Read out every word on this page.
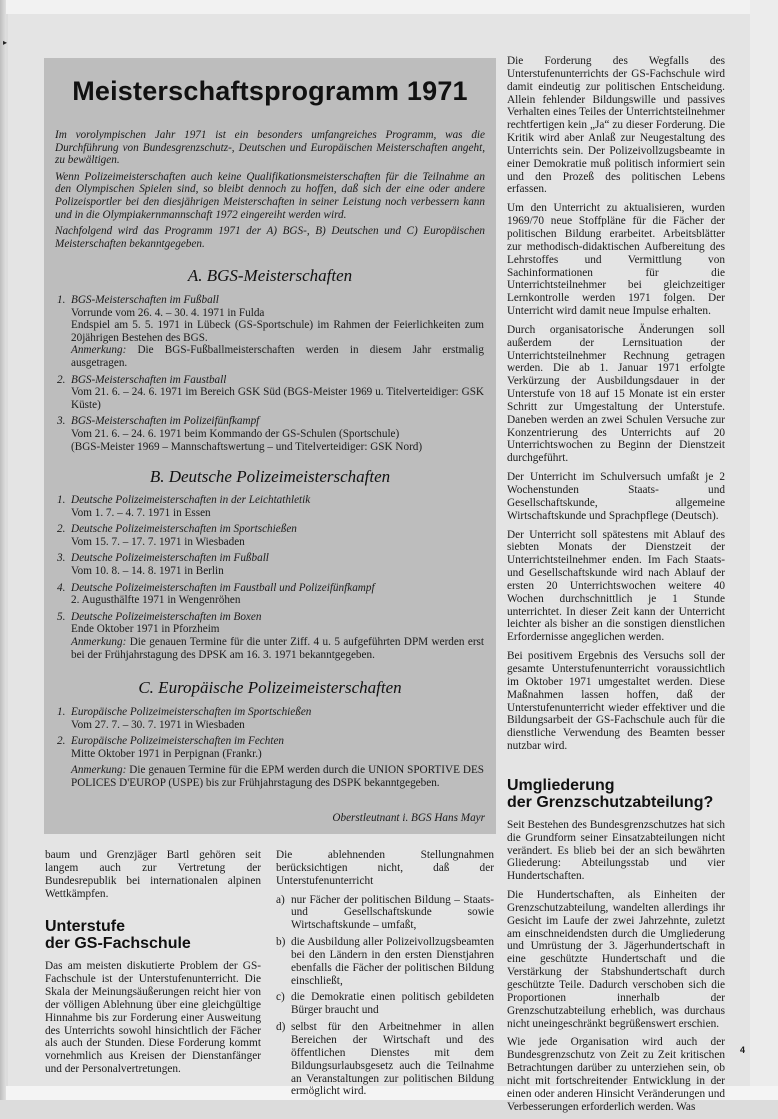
▸
Meisterschaftsprogramm 1971

Im vorolympischen Jahr 1971 ist ein besonders umfangreiches Programm, was die Durchführung von Bundesgrenzschutz-, Deutschen und Europäischen Meisterschaften angeht, zu bewältigen.

Wenn Polizeimeisterschaften auch keine Qualifikationsmeisterschaften für die Teilnahme an den Olympischen Spielen sind, so bleibt dennoch zu hoffen, daß sich der eine oder andere Polizeisportler bei den diesjährigen Meisterschaften in seiner Leistung noch verbessern kann und in die Olympiakernmannschaft 1972 eingereiht werden wird.

Nachfolgend wird das Programm 1971 der A) BGS-, B) Deutschen und C) Europäischen Meisterschaften bekanntgegeben.

A. BGS-Meisterschaften
1. BGS-Meisterschaften im Fußball
Vorrunde vom 26. 4. – 30. 4. 1971 in Fulda
Endspiel am 5. 5. 1971 in Lübeck (GS-Sportschule) im Rahmen der Feierlichkeiten zum 20jährigen Bestehen des BGS.
Anmerkung: Die BGS-Fußballmeisterschaften werden in diesem Jahr erstmalig ausgetragen.
2. BGS-Meisterschaften im Faustball
Vom 21. 6. – 24. 6. 1971 im Bereich GSK Süd (BGS-Meister 1969 u. Titelverteidiger: GSK Küste)
3. BGS-Meisterschaften im Polizeifünfkampf
Vom 21. 6. – 24. 6. 1971 beim Kommando der GS-Schulen (Sportschule)
(BGS-Meister 1969 – Mannschaftswertung – und Titelverteidiger: GSK Nord)
B. Deutsche Polizeimeisterschaften
1. Deutsche Polizeimeisterschaften in der Leichtathletik
Vom 1. 7. – 4. 7. 1971 in Essen
2. Deutsche Polizeimeisterschaften im Sportschießen
Vom 15. 7. – 17. 7. 1971 in Wiesbaden
3. Deutsche Polizeimeisterschaften im Fußball
Vom 10. 8. – 14. 8. 1971 in Berlin
4. Deutsche Polizeimeisterschaften im Faustball und Polizeifünfkampf
2. Augusthälfte 1971 in Wengenröhen
5. Deutsche Polizeimeisterschaften im Boxen
Ende Oktober 1971 in Pforzheim
Anmerkung: Die genauen Termine für die unter Ziff. 4 u. 5 aufgeführten DPM werden erst bei der Frühjahrstagung des DPSK am 16. 3. 1971 bekanntgegeben.
C. Europäische Polizeimeisterschaften
1. Europäische Polizeimeisterschaften im Sportschießen
Vom 27. 7. – 30. 7. 1971 in Wiesbaden
2. Europäische Polizeimeisterschaften im Fechten
Mitte Oktober 1971 in Perpignan (Frankr.)
Anmerkung: Die genauen Termine für die EPM werden durch die UNION SPORTIVE DES POLICES D'EUROP (USPE) bis zur Frühjahrstagung des DSPK bekanntgegeben.
Oberstleutnant i. BGS Hans Mayr

Die Forderung des Wegfalls des Unterstufenunterrichts der GS-Fachschule wird damit eindeutig zur politischen Entscheidung. Allein fehlender Bildungswille und passives Verhalten eines Teiles der Unterrichtsteilnehmer rechtfertigen kein „Ja“ zu dieser Forderung. Die Kritik wird aber Anlaß zur Neugestaltung des Unterrichts sein. Der Polizeivollzugsbeamte in einer Demokratie muß politisch informiert sein und den Prozeß des politischen Lebens erfassen.

Um den Unterricht zu aktualisieren, wurden 1969/70 neue Stoffpläne für die Fächer der politischen Bildung erarbeitet. Arbeitsblätter zur methodisch-didaktischen Aufbereitung des Lehrstoffes und Vermittlung von Sachinformationen für die Unterrichtsteilnehmer bei gleichzeitiger Lernkontrolle werden 1971 folgen. Der Unterricht wird damit neue Impulse erhalten.

Durch organisatorische Änderungen soll außerdem der Lernsituation der Unterrichtsteilnehmer Rechnung getragen werden. Die ab 1. Januar 1971 erfolgte Verkürzung der Ausbildungsdauer in der Unterstufe von 18 auf 15 Monate ist ein erster Schritt zur Umgestaltung der Unterstufe. Daneben werden an zwei Schulen Versuche zur Konzentrierung des Unterrichts auf 20 Unterrichtswochen zu Beginn der Dienstzeit durchgeführt.

Der Unterricht im Schulversuch umfaßt je 2 Wochenstunden Staats- und Gesellschaftskunde, allgemeine Wirtschaftskunde und Sprachpflege (Deutsch).

Der Unterricht soll spätestens mit Ablauf des siebten Monats der Dienstzeit der Unterrichtsteilnehmer enden. Im Fach Staats- und Gesellschaftskunde wird nach Ablauf der ersten 20 Unterrichtswochen weitere 40 Wochen durchschnittlich je 1 Stunde unterrichtet. In dieser Zeit kann der Unterricht leichter als bisher an die sonstigen dienstlichen Erfordernisse angeglichen werden.

Bei positivem Ergebnis des Versuchs soll der gesamte Unterstufenunterricht voraussichtlich im Oktober 1971 umgestaltet werden. Diese Maßnahmen lassen hoffen, daß der Unterstufenunterricht wieder effektiver und die Bildungsarbeit der GS-Fachschule auch für die dienstliche Verwendung des Beamten besser nutzbar wird.

Umgliederung
der Grenzschutzabteilung?

Seit Bestehen des Bundesgrenzschutzes hat sich die Grundform seiner Einsatzabteilungen nicht verändert. Es blieb bei der an sich bewährten Gliederung: Abteilungsstab und vier Hundertschaften.

Die Hundertschaften, als Einheiten der Grenzschutzabteilung, wandelten allerdings ihr Gesicht im Laufe der zwei Jahrzehnte, zuletzt am einschneidendsten durch die Umgliederung und Umrüstung der 3. Jägerhundertschaft in eine geschützte Hundertschaft und die Verstärkung der Stabshundertschaft durch geschützte Teile. Dadurch verschoben sich die Proportionen innerhalb der Grenzschutzabteilung erheblich, was durchaus nicht uneingeschränkt begrüßenswert erschien.

Wie jede Organisation wird auch der Bundesgrenzschutz von Zeit zu Zeit kritischen Betrachtungen darüber zu unterziehen sein, ob nicht mit fortschreitender Entwicklung in der einen oder anderen Hinsicht Veränderungen und Verbesserungen erforderlich werden. Was

baum und Grenzjäger Bartl gehören seit langem auch zur Vertretung der Bundesrepublik bei internationalen alpinen Wettkämpfen.

Unterstufe
der GS-Fachschule

Das am meisten diskutierte Problem der GS-Fachschule ist der Unterstufenunterricht. Die Skala der Meinungsäußerungen reicht hier von der völligen Ablehnung über eine gleichgültige Hinnahme bis zur Forderung einer Ausweitung des Unterrichts sowohl hinsichtlich der Fächer als auch der Stunden. Diese Forderung kommt vornehmlich aus Kreisen der Dienstanfänger und der Personalvertretungen.

Die ablehnenden Stellungnahmen berücksichtigen nicht, daß der Unterstufenunterricht

a) nur Fächer der politischen Bildung – Staats- und Gesellschaftskunde sowie Wirtschaftskunde – umfaßt,
b) die Ausbildung aller Polizeivollzugsbeamten bei den Ländern in den ersten Dienstjahren ebenfalls die Fächer der politischen Bildung einschließt,
c) die Demokratie einen politisch gebildeten Bürger braucht und
d) selbst für den Arbeitnehmer in allen Bereichen der Wirtschaft und des öffentlichen Dienstes mit dem Bildungsurlaubsgesetz auch die Teilnahme an Veranstaltungen zur politischen Bildung ermöglicht wird.
4
